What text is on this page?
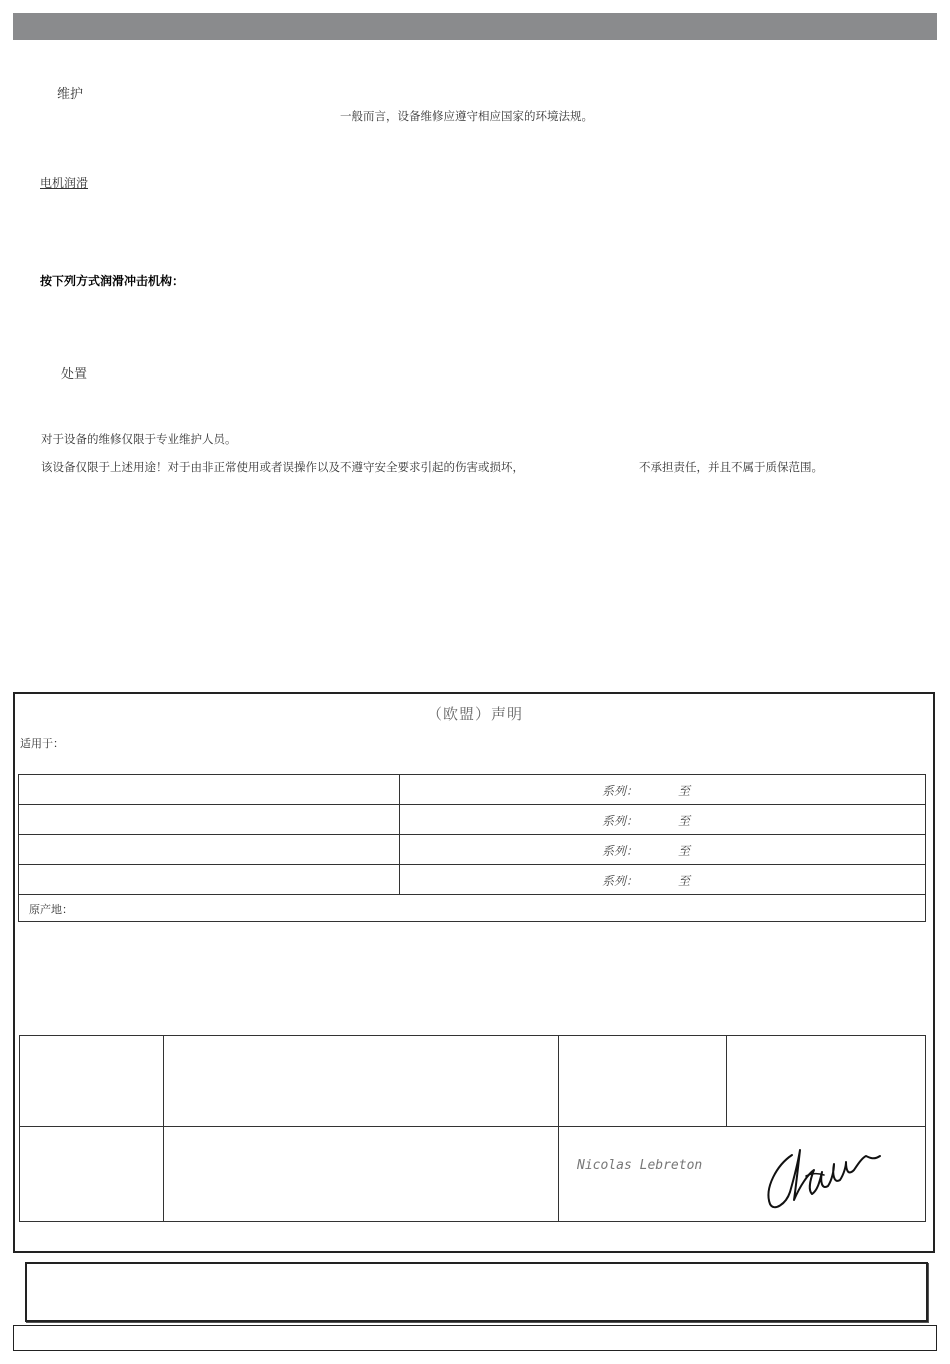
维护
一般而言，设备维修应遵守相应国家的环境法规。
电机润滑
按下列方式润滑冲击机构：
处置
对于设备的维修仅限于专业维护人员。
该设备仅限于上述用途！对于由非正常使用或者误操作以及不遵守安全要求引起的伤害或损坏，	不承担责任，并且不属于质保范围。
（欧盟）声明
适用于：

	系列： 至

	系列： 至

	系列： 至

	系列： 至
原产地：
Nicolas Lebreton
